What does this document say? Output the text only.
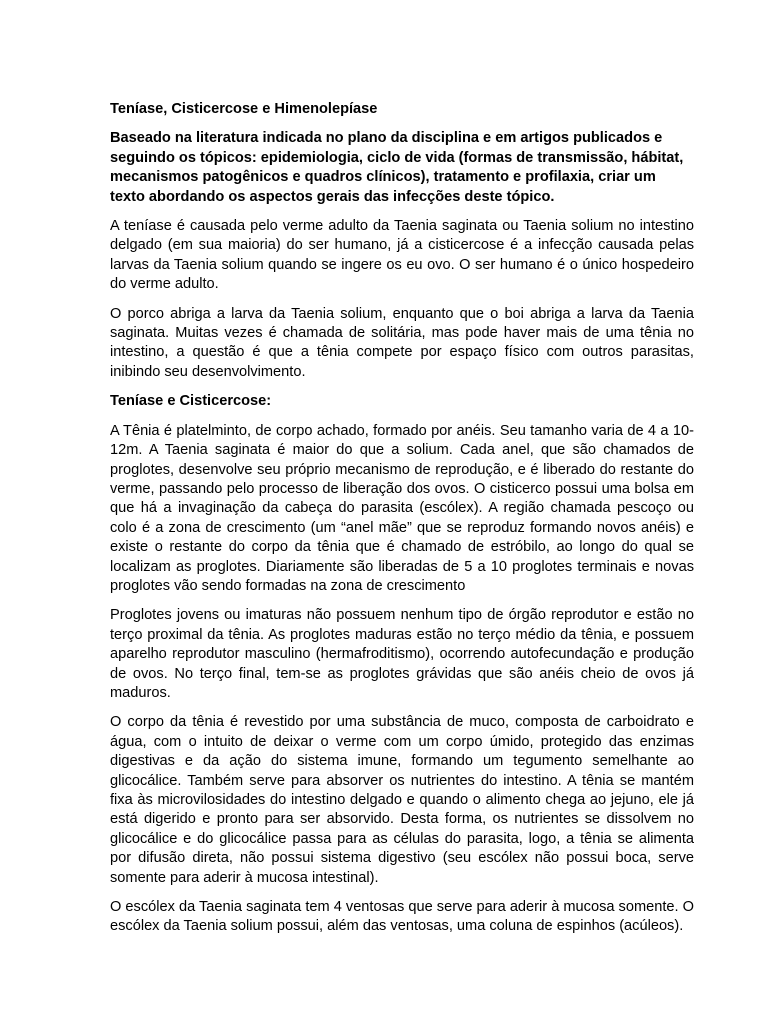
Teníase, Cisticercose e Himenolepíase

Baseado na literatura indicada no plano da disciplina e em artigos publicados e seguindo os tópicos: epidemiologia, ciclo de vida (formas de transmissão, hábitat, mecanismos patogênicos e quadros clínicos), tratamento e profilaxia, criar um texto abordando os aspectos gerais das infecções deste tópico.

A teníase é causada pelo verme adulto da Taenia saginata ou Taenia solium no intestino delgado (em sua maioria) do ser humano, já a cisticercose é a infecção causada pelas larvas da Taenia solium quando se ingere os eu ovo. O ser humano é o único hospedeiro do verme adulto.

O porco abriga a larva da Taenia solium, enquanto que o boi abriga a larva da Taenia saginata. Muitas vezes é chamada de solitária, mas pode haver mais de uma tênia no intestino, a questão é que a tênia compete por espaço físico com outros parasitas, inibindo seu desenvolvimento.

Teníase e Cisticercose:

A Tênia é platelminto, de corpo achado, formado por anéis. Seu tamanho varia de 4 a 10-12m. A Taenia saginata é maior do que a solium. Cada anel, que são chamados de proglotes, desenvolve seu próprio mecanismo de reprodução, e é liberado do restante do verme, passando pelo processo de liberação dos ovos. O cisticerco possui uma bolsa em que há a invaginação da cabeça do parasita (escólex). A região chamada pescoço ou colo é a zona de crescimento (um “anel mãe” que se reproduz formando novos anéis) e existe o restante do corpo da tênia que é chamado de estróbilo, ao longo do qual se localizam as proglotes. Diariamente são liberadas de 5 a 10 proglotes terminais e novas proglotes vão sendo formadas na zona de crescimento

Proglotes jovens ou imaturas não possuem nenhum tipo de órgão reprodutor e estão no terço proximal da tênia. As proglotes maduras estão no terço médio da tênia, e possuem aparelho reprodutor masculino (hermafroditismo), ocorrendo autofecundação e produção de ovos. No terço final, tem-se as proglotes grávidas que são anéis cheio de ovos já maduros.

O corpo da tênia é revestido por uma substância de muco, composta de carboidrato e água, com o intuito de deixar o verme com um corpo úmido, protegido das enzimas digestivas e da ação do sistema imune, formando um tegumento semelhante ao glicocálice. Também serve para absorver os nutrientes do intestino. A tênia se mantém fixa às microvilosidades do intestino delgado e quando o alimento chega ao jejuno, ele já está digerido e pronto para ser absorvido. Desta forma, os nutrientes se dissolvem no glicocálice e do glicocálice passa para as células do parasita, logo, a tênia se alimenta por difusão direta, não possui sistema digestivo (seu escólex não possui boca, serve somente para aderir à mucosa intestinal).

O escólex da Taenia saginata tem 4 ventosas que serve para aderir à mucosa somente. O escólex da Taenia solium possui, além das ventosas, uma coluna de espinhos (acúleos).
